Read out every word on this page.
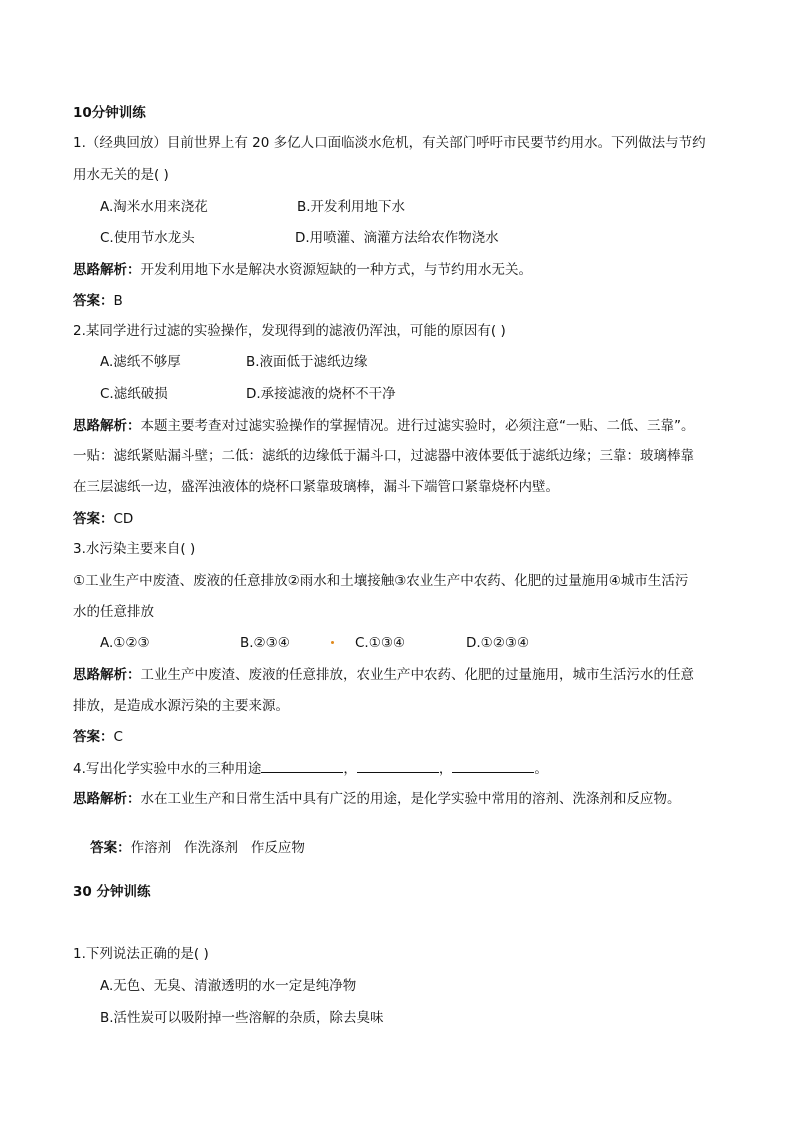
10分钟训练
1.（经典回放）目前世界上有 20 多亿人口面临淡水危机，有关部门呼吁市民要节约用水。下列做法与节约
用水无关的是( )
A.淘米水用来浇花	B.开发利用地下水
C.使用节水龙头	D.用喷灌、滴灌方法给农作物浇水
思路解析：开发利用地下水是解决水资源短缺的一种方式，与节约用水无关。
答案：B
2.某同学进行过滤的实验操作，发现得到的滤液仍浑浊，可能的原因有( )
A.滤纸不够厚	B.液面低于滤纸边缘
C.滤纸破损	D.承接滤液的烧杯不干净
思路解析：本题主要考查对过滤实验操作的掌握情况。进行过滤实验时，必须注意“一贴、二低、三靠”。
一贴：滤纸紧贴漏斗壁；二低：滤纸的边缘低于漏斗口，过滤器中液体要低于滤纸边缘；三靠：玻璃棒靠
在三层滤纸一边，盛浑浊液体的烧杯口紧靠玻璃棒，漏斗下端管口紧靠烧杯内壁。
答案：CD
3.水污染主要来自( )
①工业生产中废渣、废液的任意排放②雨水和土壤接触③农业生产中农药、化肥的过量施用④城市生活污
水的任意排放
A.①②③	B.②③④	C.①③④	D.①②③④
思路解析：工业生产中废渣、废液的任意排放，农业生产中农药、化肥的过量施用，城市生活污水的任意
排放，是造成水源污染的主要来源。
答案：C
4.写出化学实验中水的三种用途	，	，	。
思路解析：水在工业生产和日常生活中具有广泛的用途，是化学实验中常用的溶剂、洗涤剂和反应物。

答案：作溶剂   作洗涤剂   作反应物

30 分钟训练
1.下列说法正确的是( )
A.无色、无臭、清澈透明的水一定是纯净物
B.活性炭可以吸附掉一些溶解的杂质，除去臭味
